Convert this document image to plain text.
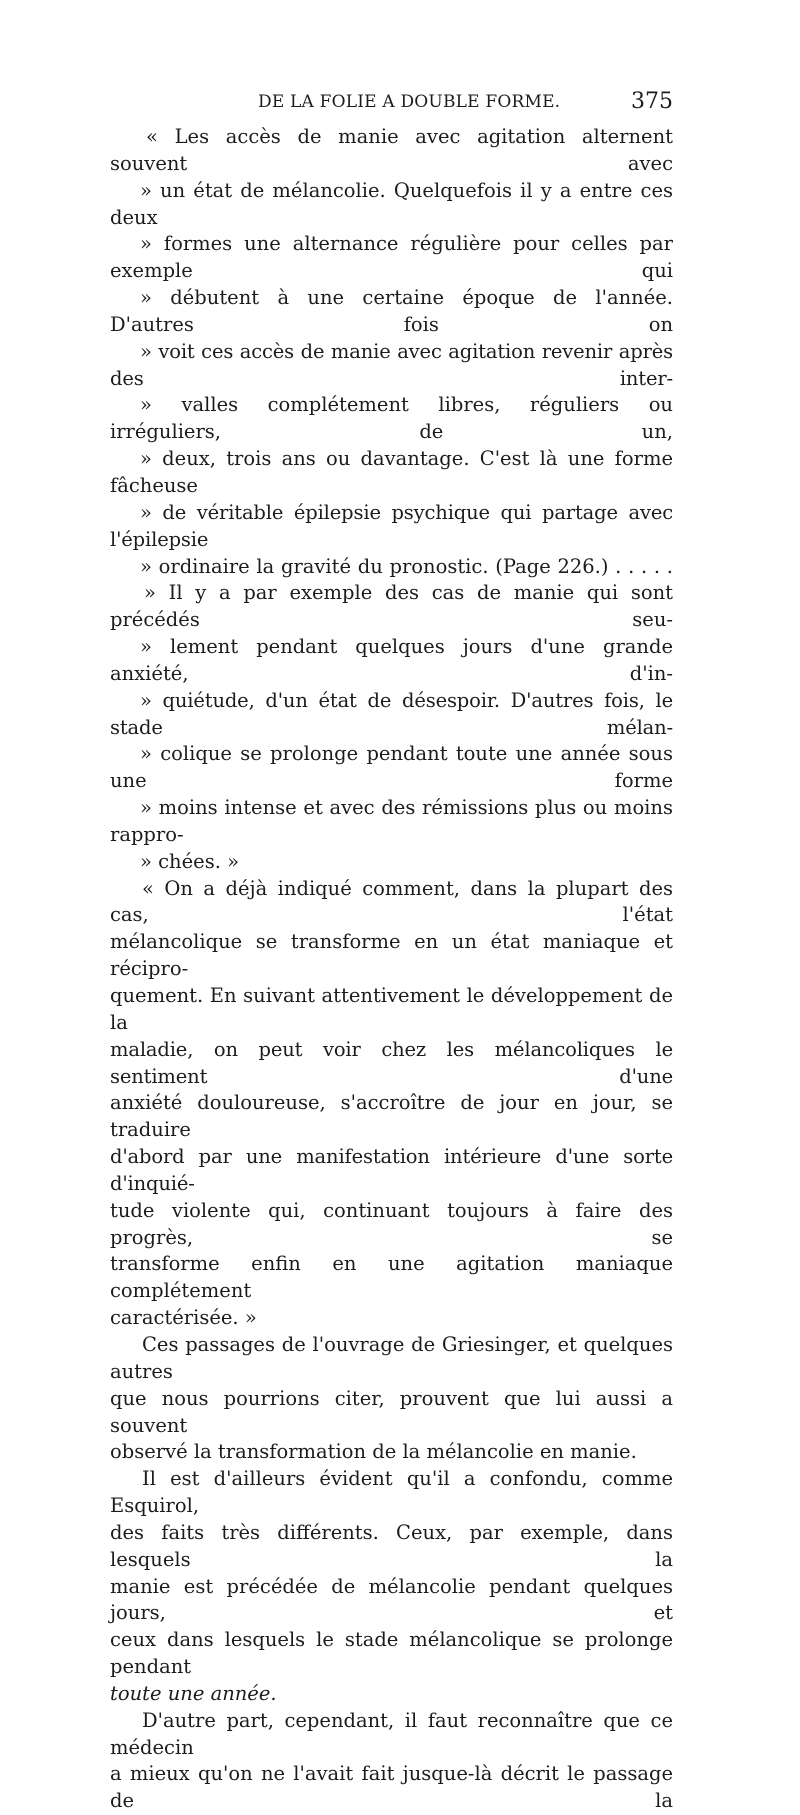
DE LA FOLIE A DOUBLE FORME.	375

« Les accès de manie avec agitation alternent souvent avec

» un état de mélancolie. Quelquefois il y a entre ces deux

» formes une alternance régulière pour celles par exemple qui

» débutent à une certaine époque de l'année. D'autres fois on

» voit ces accès de manie avec agitation revenir après des inter-

» valles complétement libres, réguliers ou irréguliers, de un,

» deux, trois ans ou davantage. C'est là une forme fâcheuse

» de véritable épilepsie psychique qui partage avec l'épilepsie

» ordinaire la gravité du pronostic. (Page 226.) . . . . .

» Il y a par exemple des cas de manie qui sont précédés seu-

» lement pendant quelques jours d'une grande anxiété, d'in-

» quiétude, d'un état de désespoir. D'autres fois, le stade mélan-

» colique se prolonge pendant toute une année sous une forme

» moins intense et avec des rémissions plus ou moins rappro-

» chées. »

« On a déjà indiqué comment, dans la plupart des cas, l'état

mélancolique se transforme en un état maniaque et récipro-

quement. En suivant attentivement le développement de la

maladie, on peut voir chez les mélancoliques le sentiment d'une

anxiété douloureuse, s'accroître de jour en jour, se traduire

d'abord par une manifestation intérieure d'une sorte d'inquié-

tude violente qui, continuant toujours à faire des progrès, se

transforme enfin en une agitation maniaque complétement

caractérisée. »

Ces passages de l'ouvrage de Griesinger, et quelques autres

que nous pourrions citer, prouvent que lui aussi a souvent

observé la transformation de la mélancolie en manie.

Il est d'ailleurs évident qu'il a confondu, comme Esquirol,

des faits très différents. Ceux, par exemple, dans lesquels la

manie est précédée de mélancolie pendant quelques jours, et

ceux dans lesquels le stade mélancolique se prolonge pendant

toute une année.

D'autre part, cependant, il faut reconnaître que ce médecin

a mieux qu'on ne l'avait fait jusque-là décrit le passage de la
